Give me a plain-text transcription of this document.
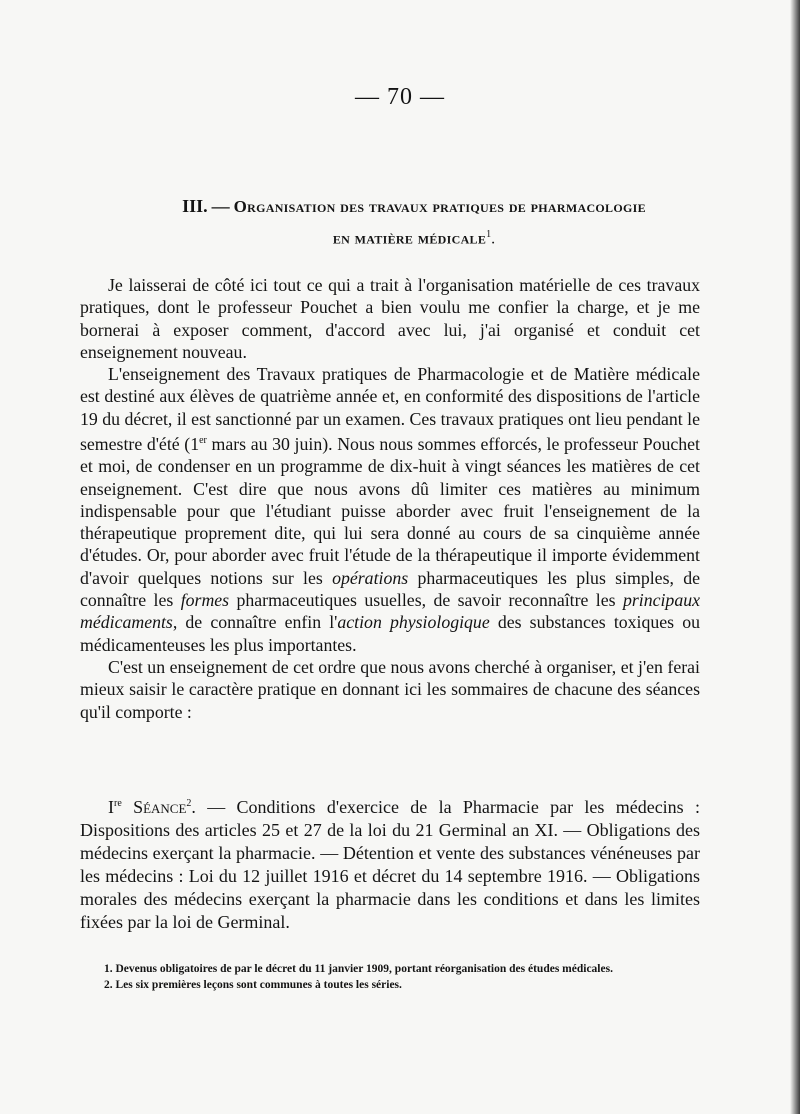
— 70 —
III. — Organisation des travaux pratiques de pharmacologie
en matière médicale$^1$.

Je laisserai de côté ici tout ce qui a trait à l'organisation matérielle de ces travaux pratiques, dont le professeur Pouchet a bien voulu me confier la charge, et je me bornerai à exposer comment, d'accord avec lui, j'ai organisé et conduit cet enseignement nouveau.

L'enseignement des Travaux pratiques de Pharmacologie et de Matière médicale est destiné aux élèves de quatrième année et, en conformité des dispositions de l'article 19 du décret, il est sanctionné par un examen. Ces travaux pratiques ont lieu pendant le semestre d'été (1er mars au 30 juin). Nous nous sommes efforcés, le professeur Pouchet et moi, de condenser en un programme de dix-huit à vingt séances les matières de cet enseignement. C'est dire que nous avons dû limiter ces matières au minimum indispensable pour que l'étudiant puisse aborder avec fruit l'enseignement de la thérapeutique proprement dite, qui lui sera donné au cours de sa cinquième année d'études. Or, pour aborder avec fruit l'étude de la thérapeutique il importe évidemment d'avoir quelques notions sur les opérations pharmaceutiques les plus simples, de connaître les formes pharmaceutiques usuelles, de savoir reconnaître les principaux médicaments, de connaître enfin l'action physiologique des substances toxiques ou médicamenteuses les plus importantes.

C'est un enseignement de cet ordre que nous avons cherché à organiser, et j'en ferai mieux saisir le caractère pratique en donnant ici les sommaires de chacune des séances qu'il comporte :

Ire Séance$^2$. — Conditions d'exercice de la Pharmacie par les médecins : Dispositions des articles 25 et 27 de la loi du 21 Germinal an XI. — Obligations des médecins exerçant la pharmacie. — Détention et vente des substances vénéneuses par les médecins : Loi du 12 juillet 1916 et décret du 14 septembre 1916. — Obligations morales des médecins exerçant la pharmacie dans les conditions et dans les limites fixées par la loi de Germinal.

1. Devenus obligatoires de par le décret du 11 janvier 1909, portant réorganisation des études médicales.

2. Les six premières leçons sont communes à toutes les séries.
